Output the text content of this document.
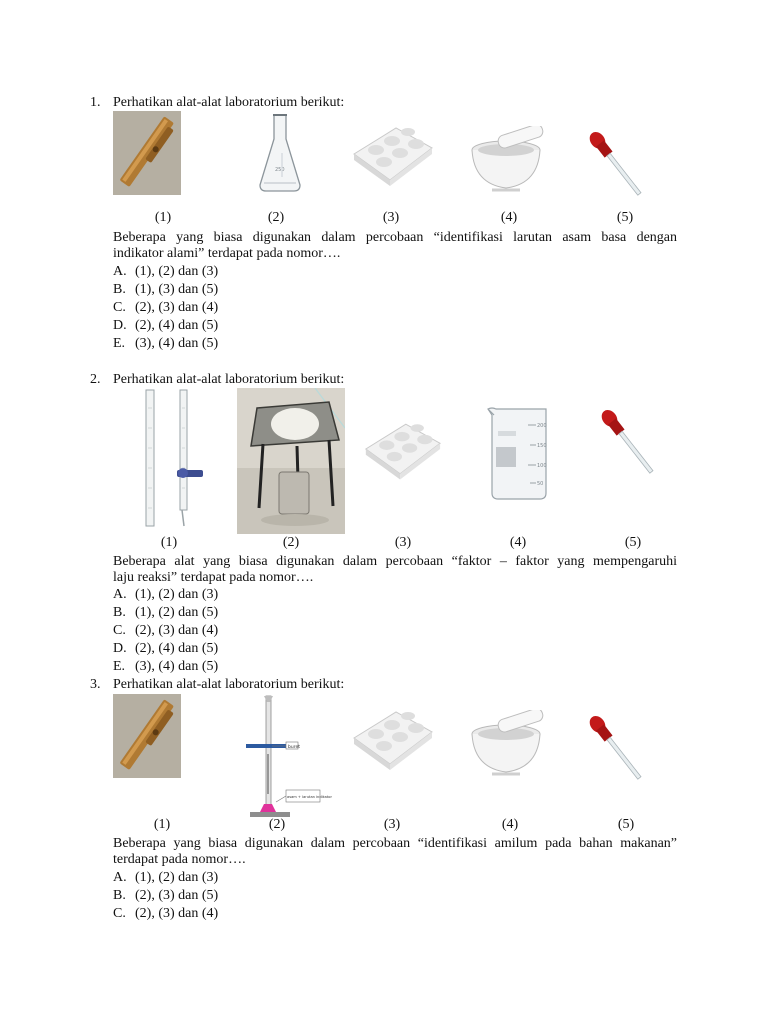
1. Perhatikan alat-alat laboratorium berikut:
250
(1)	(2)	(3)	(4)	(5)
Beberapa yang biasa digunakan dalam percobaan “identifikasi larutan asam basa dengan
indikator alami” terdapat pada nomor….
A. (1), (2) dan (3)
B. (1), (3) dan (5)
C. (2), (3) dan (4)
D. (2), (4) dan (5)
E. (3), (4) dan (5)
2. Perhatikan alat-alat laboratorium berikut:
200
150
100
50
(1)	(2)	(3)	(4)	(5)
Beberapa alat yang biasa digunakan dalam percobaan “faktor – faktor yang mempengaruhi
laju reaksi” terdapat pada nomor….
A. (1), (2) dan (3)
B. (1), (2) dan (5)
C. (2), (3) dan (4)
D. (2), (4) dan (5)
E. (3), (4) dan (5)
3. Perhatikan alat-alat laboratorium berikut:
buret
asam + larutan indikator
(1)	(2)	(3)	(4)	(5)
Beberapa yang biasa digunakan dalam percobaan “identifikasi amilum pada bahan makanan”
terdapat pada nomor….
A. (1), (2) dan (3)
B. (2), (3) dan (5)
C. (2), (3) dan (4)
